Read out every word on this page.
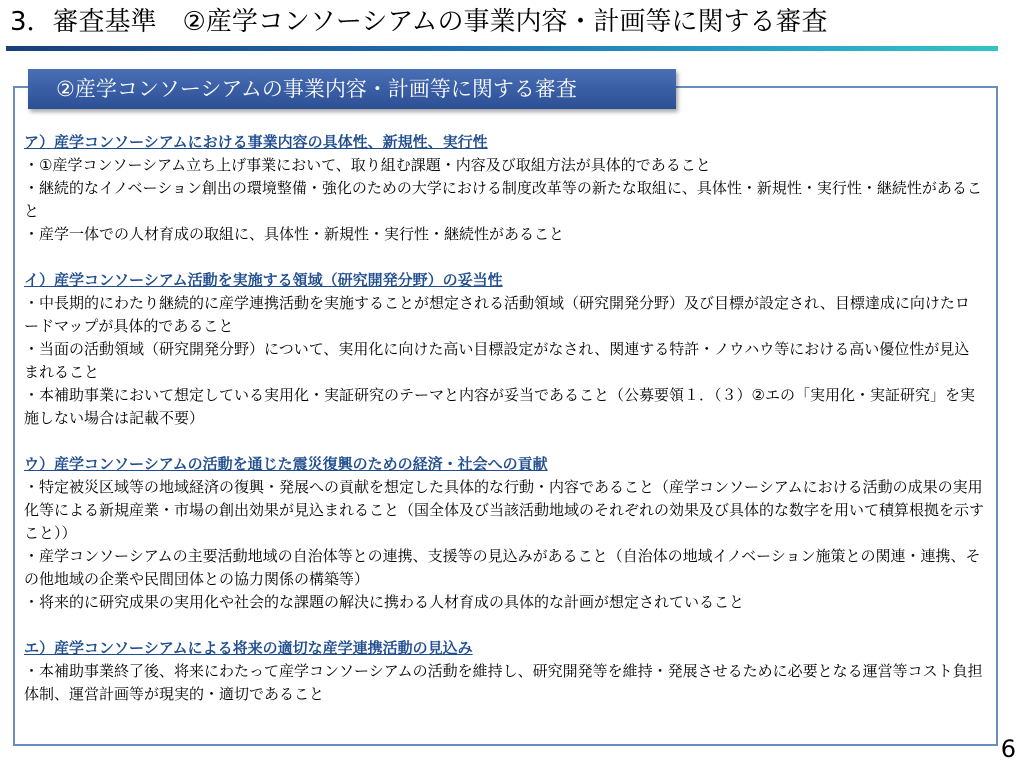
3．審査基準　②産学コンソーシアムの事業内容・計画等に関する審査
②産学コンソーシアムの事業内容・計画等に関する審査

ア）産学コンソーシアムにおける事業内容の具体性、新規性、実行性

・①産学コンソーシアム立ち上げ事業において、取り組む課題・内容及び取組方法が具体的であること

・継続的なイノベーション創出の環境整備・強化のための大学における制度改革等の新たな取組に、具体性・新規性・実行性・継続性があること

・産学一体での人材育成の取組に、具体性・新規性・実行性・継続性があること

イ）産学コンソーシアム活動を実施する領域（研究開発分野）の妥当性

・中長期的にわたり継続的に産学連携活動を実施することが想定される活動領域（研究開発分野）及び目標が設定され、目標達成に向けたロードマップが具体的であること

・当面の活動領域（研究開発分野）について、実用化に向けた高い目標設定がなされ、関連する特許・ノウハウ等における高い優位性が見込まれること

・本補助事業において想定している実用化・実証研究のテーマと内容が妥当であること（公募要領１．（３）②エの「実用化・実証研究」を実施しない場合は記載不要）

ウ）産学コンソーシアムの活動を通じた震災復興のための経済・社会への貢献

・特定被災区域等の地域経済の復興・発展への貢献を想定した具体的な行動・内容であること（産学コンソーシアムにおける活動の成果の実用化等による新規産業・市場の創出効果が見込まれること（国全体及び当該活動地域のそれぞれの効果及び具体的な数字を用いて積算根拠を示すこと））

・産学コンソーシアムの主要活動地域の自治体等との連携、支援等の見込みがあること（自治体の地域イノベーション施策との関連・連携、その他地域の企業や民間団体との協力関係の構築等）

・将来的に研究成果の実用化や社会的な課題の解決に携わる人材育成の具体的な計画が想定されていること

エ）産学コンソーシアムによる将来の適切な産学連携活動の見込み

・本補助事業終了後、将来にわたって産学コンソーシアムの活動を維持し、研究開発等を維持・発展させるために必要となる運営等コスト負担体制、運営計画等が現実的・適切であること

6
